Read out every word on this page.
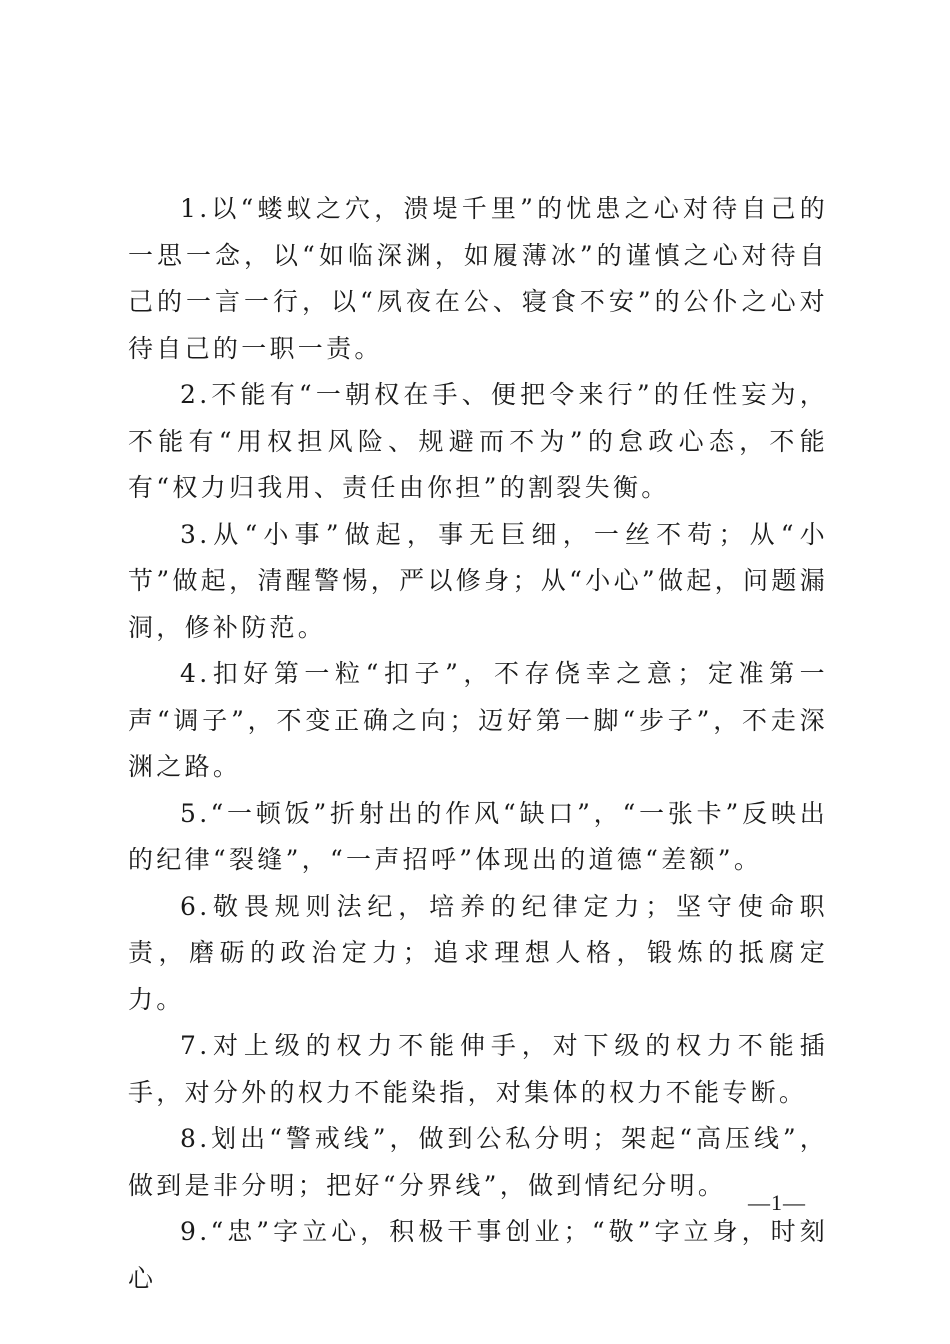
1.以“蝼蚁之穴，溃堤千里”的忧患之心对待自己的一思一念，以“如临深渊，如履薄冰”的谨慎之心对待自己的一言一行，以“夙夜在公、寝食不安”的公仆之心对待自己的一职一责。

2.不能有“一朝权在手、便把令来行”的任性妄为，不能有“用权担风险、规避而不为”的怠政心态，不能有“权力归我用、责任由你担”的割裂失衡。

3.从“小事”做起，事无巨细，一丝不苟；从“小节”做起，清醒警惕，严以修身；从“小心”做起，问题漏洞，修补防范。

4.扣好第一粒“扣子”，不存侥幸之意；定准第一声“调子”，不变正确之向；迈好第一脚“步子”，不走深渊之路。

5.“一顿饭”折射出的作风“缺口”，“一张卡”反映出的纪律“裂缝”，“一声招呼”体现出的道德“差额”。

6.敬畏规则法纪，培养的纪律定力；坚守使命职责，磨砺的政治定力；追求理想人格，锻炼的抵腐定力。

7.对上级的权力不能伸手，对下级的权力不能插手，对分外的权力不能染指，对集体的权力不能专断。

8.划出“警戒线”，做到公私分明；架起“高压线”，做到是非分明；把好“分界线”，做到情纪分明。

9.“忠”字立心，积极干事创业；“敬”字立身，时刻心

—1—
